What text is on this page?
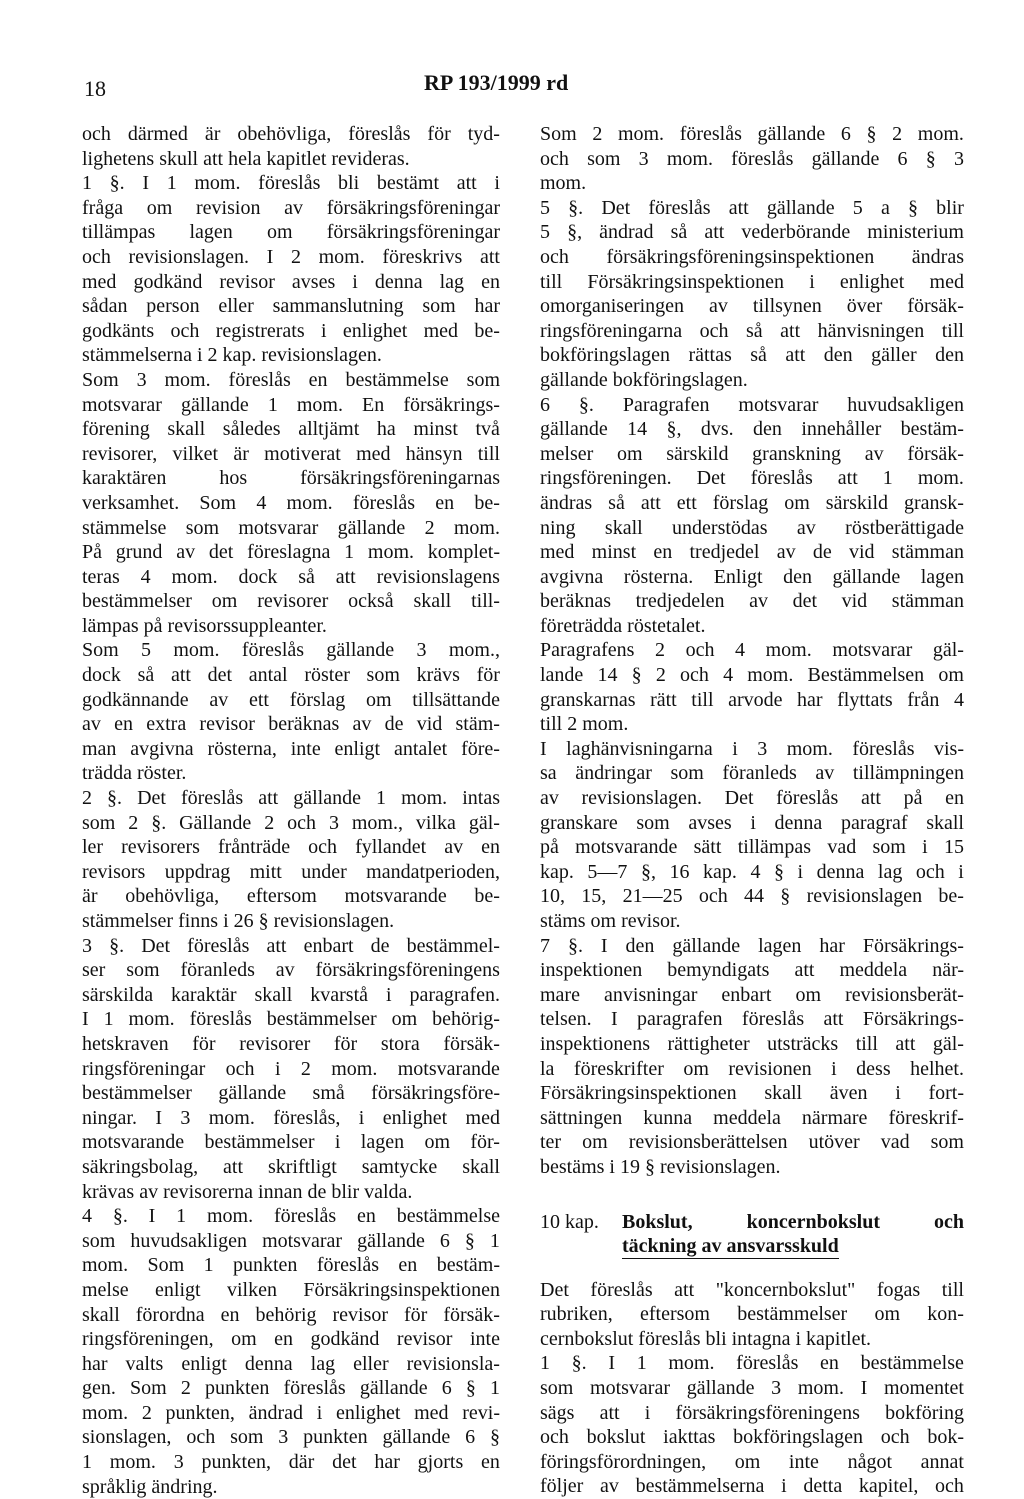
18	RP 193/1999 rd
och därmed är obehövliga, föreslås för tyd-
lighetens skull att hela kapitlet revideras.
1 §. I 1 mom. föreslås bli bestämt att i
fråga om revision av försäkringsföreningar
tillämpas lagen om försäkringsföreningar
och revisionslagen. I 2 mom. föreskrivs att
med godkänd revisor avses i denna lag en
sådan person eller sammanslutning som har
godkänts och registrerats i enlighet med be-
stämmelserna i 2 kap. revisionslagen.
Som 3 mom. föreslås en bestämmelse som
motsvarar gällande 1 mom. En försäkrings-
förening skall således alltjämt ha minst två
revisorer, vilket är motiverat med hänsyn till
karaktären	hos	försäkringsföreningarnas
verksamhet. Som 4 mom. föreslås en be-
stämmelse som motsvarar gällande 2 mom.
På grund av det föreslagna 1 mom. komplet-
teras 4 mom. dock så att revisionslagens
bestämmelser om revisorer också skall till-
lämpas på revisorssuppleanter.
Som 5 mom. föreslås gällande 3 mom.,
dock så att det antal röster som krävs för
godkännande av ett förslag om tillsättande
av en extra revisor beräknas av de vid stäm-
man avgivna rösterna, inte enligt antalet före-
trädda röster.
2 §. Det föreslås att gällande 1 mom. intas
som 2 §. Gällande 2 och 3 mom., vilka gäl-
ler revisorers frånträde och fyllandet av en
revisors uppdrag mitt under mandatperioden,
är obehövliga, eftersom motsvarande be-
stämmelser finns i 26 § revisionslagen.
3 §. Det föreslås att enbart de bestämmel-
ser som föranleds av försäkringsföreningens
särskilda karaktär skall kvarstå i paragrafen.
I 1 mom. föreslås bestämmelser om behörig-
hetskraven för revisorer för stora försäk-
ringsföreningar och i 2 mom. motsvarande
bestämmelser gällande små försäkringsföre-
ningar. I 3 mom. föreslås, i enlighet med
motsvarande bestämmelser i lagen om för-
säkringsbolag, att skriftligt samtycke skall
krävas av revisorerna innan de blir valda.
4 §. I 1 mom. föreslås en bestämmelse
som huvudsakligen motsvarar gällande 6 § 1
mom. Som 1 punkten föreslås en bestäm-
melse enligt vilken Försäkringsinspektionen
skall förordna en behörig revisor för försäk-
ringsföreningen, om en godkänd revisor inte
har valts enligt denna lag eller revisionsla-
gen. Som 2 punkten föreslås gällande 6 § 1
mom. 2 punkten, ändrad i enlighet med revi-
sionslagen, och som 3 punkten gällande 6 §
1 mom. 3 punkten, där det har gjorts en
språklig ändring.
Som 2 mom. föreslås gällande 6 § 2 mom.
och som 3 mom. föreslås gällande 6 § 3
mom.
5 §. Det föreslås att gällande 5 a § blir
5 §, ändrad så att vederbörande ministerium
och försäkringsföreningsinspektionen ändras
till Försäkringsinspektionen i enlighet med
omorganiseringen av tillsynen över försäk-
ringsföreningarna och så att hänvisningen till
bokföringslagen rättas så att den gäller den
gällande bokföringslagen.
6 §. Paragrafen motsvarar huvudsakligen
gällande 14 §, dvs. den innehåller bestäm-
melser om särskild granskning av försäk-
ringsföreningen. Det föreslås att 1 mom.
ändras så att ett förslag om särskild gransk-
ning skall understödas av röstberättigade
med minst en tredjedel av de vid stämman
avgivna rösterna. Enligt den gällande lagen
beräknas tredjedelen av det vid stämman
företrädda röstetalet.
Paragrafens 2 och 4 mom. motsvarar gäl-
lande 14 § 2 och 4 mom. Bestämmelsen om
granskarnas rätt till arvode har flyttats från 4
till 2 mom.
I laghänvisningarna i 3 mom. föreslås vis-
sa ändringar som föranleds av tillämpningen
av revisionslagen. Det föreslås att på en
granskare som avses i denna paragraf skall
på motsvarande sätt tillämpas vad som i 15
kap. 5—7 §, 16 kap. 4 § i denna lag och i
10, 15, 21—25 och 44 § revisionslagen be-
stäms om revisor.
7 §. I den gällande lagen har Försäkrings-
inspektionen bemyndigats att meddela när-
mare anvisningar enbart om revisionsberät-
telsen. I paragrafen föreslås att Försäkrings-
inspektionens rättigheter utsträcks till att gäl-
la föreskrifter om revisionen i dess helhet.
Försäkringsinspektionen skall även i fort-
sättningen kunna meddela närmare föreskrif-
ter om revisionsberättelsen utöver vad som
bestäms i 19 § revisionslagen.
10 kap. Bokslut,	koncernbokslut	och
täckning av ansvarsskuld
Det föreslås att "koncernbokslut" fogas till
rubriken, eftersom bestämmelser om kon-
cernbokslut föreslås bli intagna i kapitlet.
1 §. I 1 mom. föreslås en bestämmelse
som motsvarar gällande 3 mom. I momentet
sägs att i försäkringsföreningens bokföring
och bokslut iakttas bokföringslagen och bok-
föringsförordningen, om inte något annat
följer av bestämmelserna i detta kapitel, och
